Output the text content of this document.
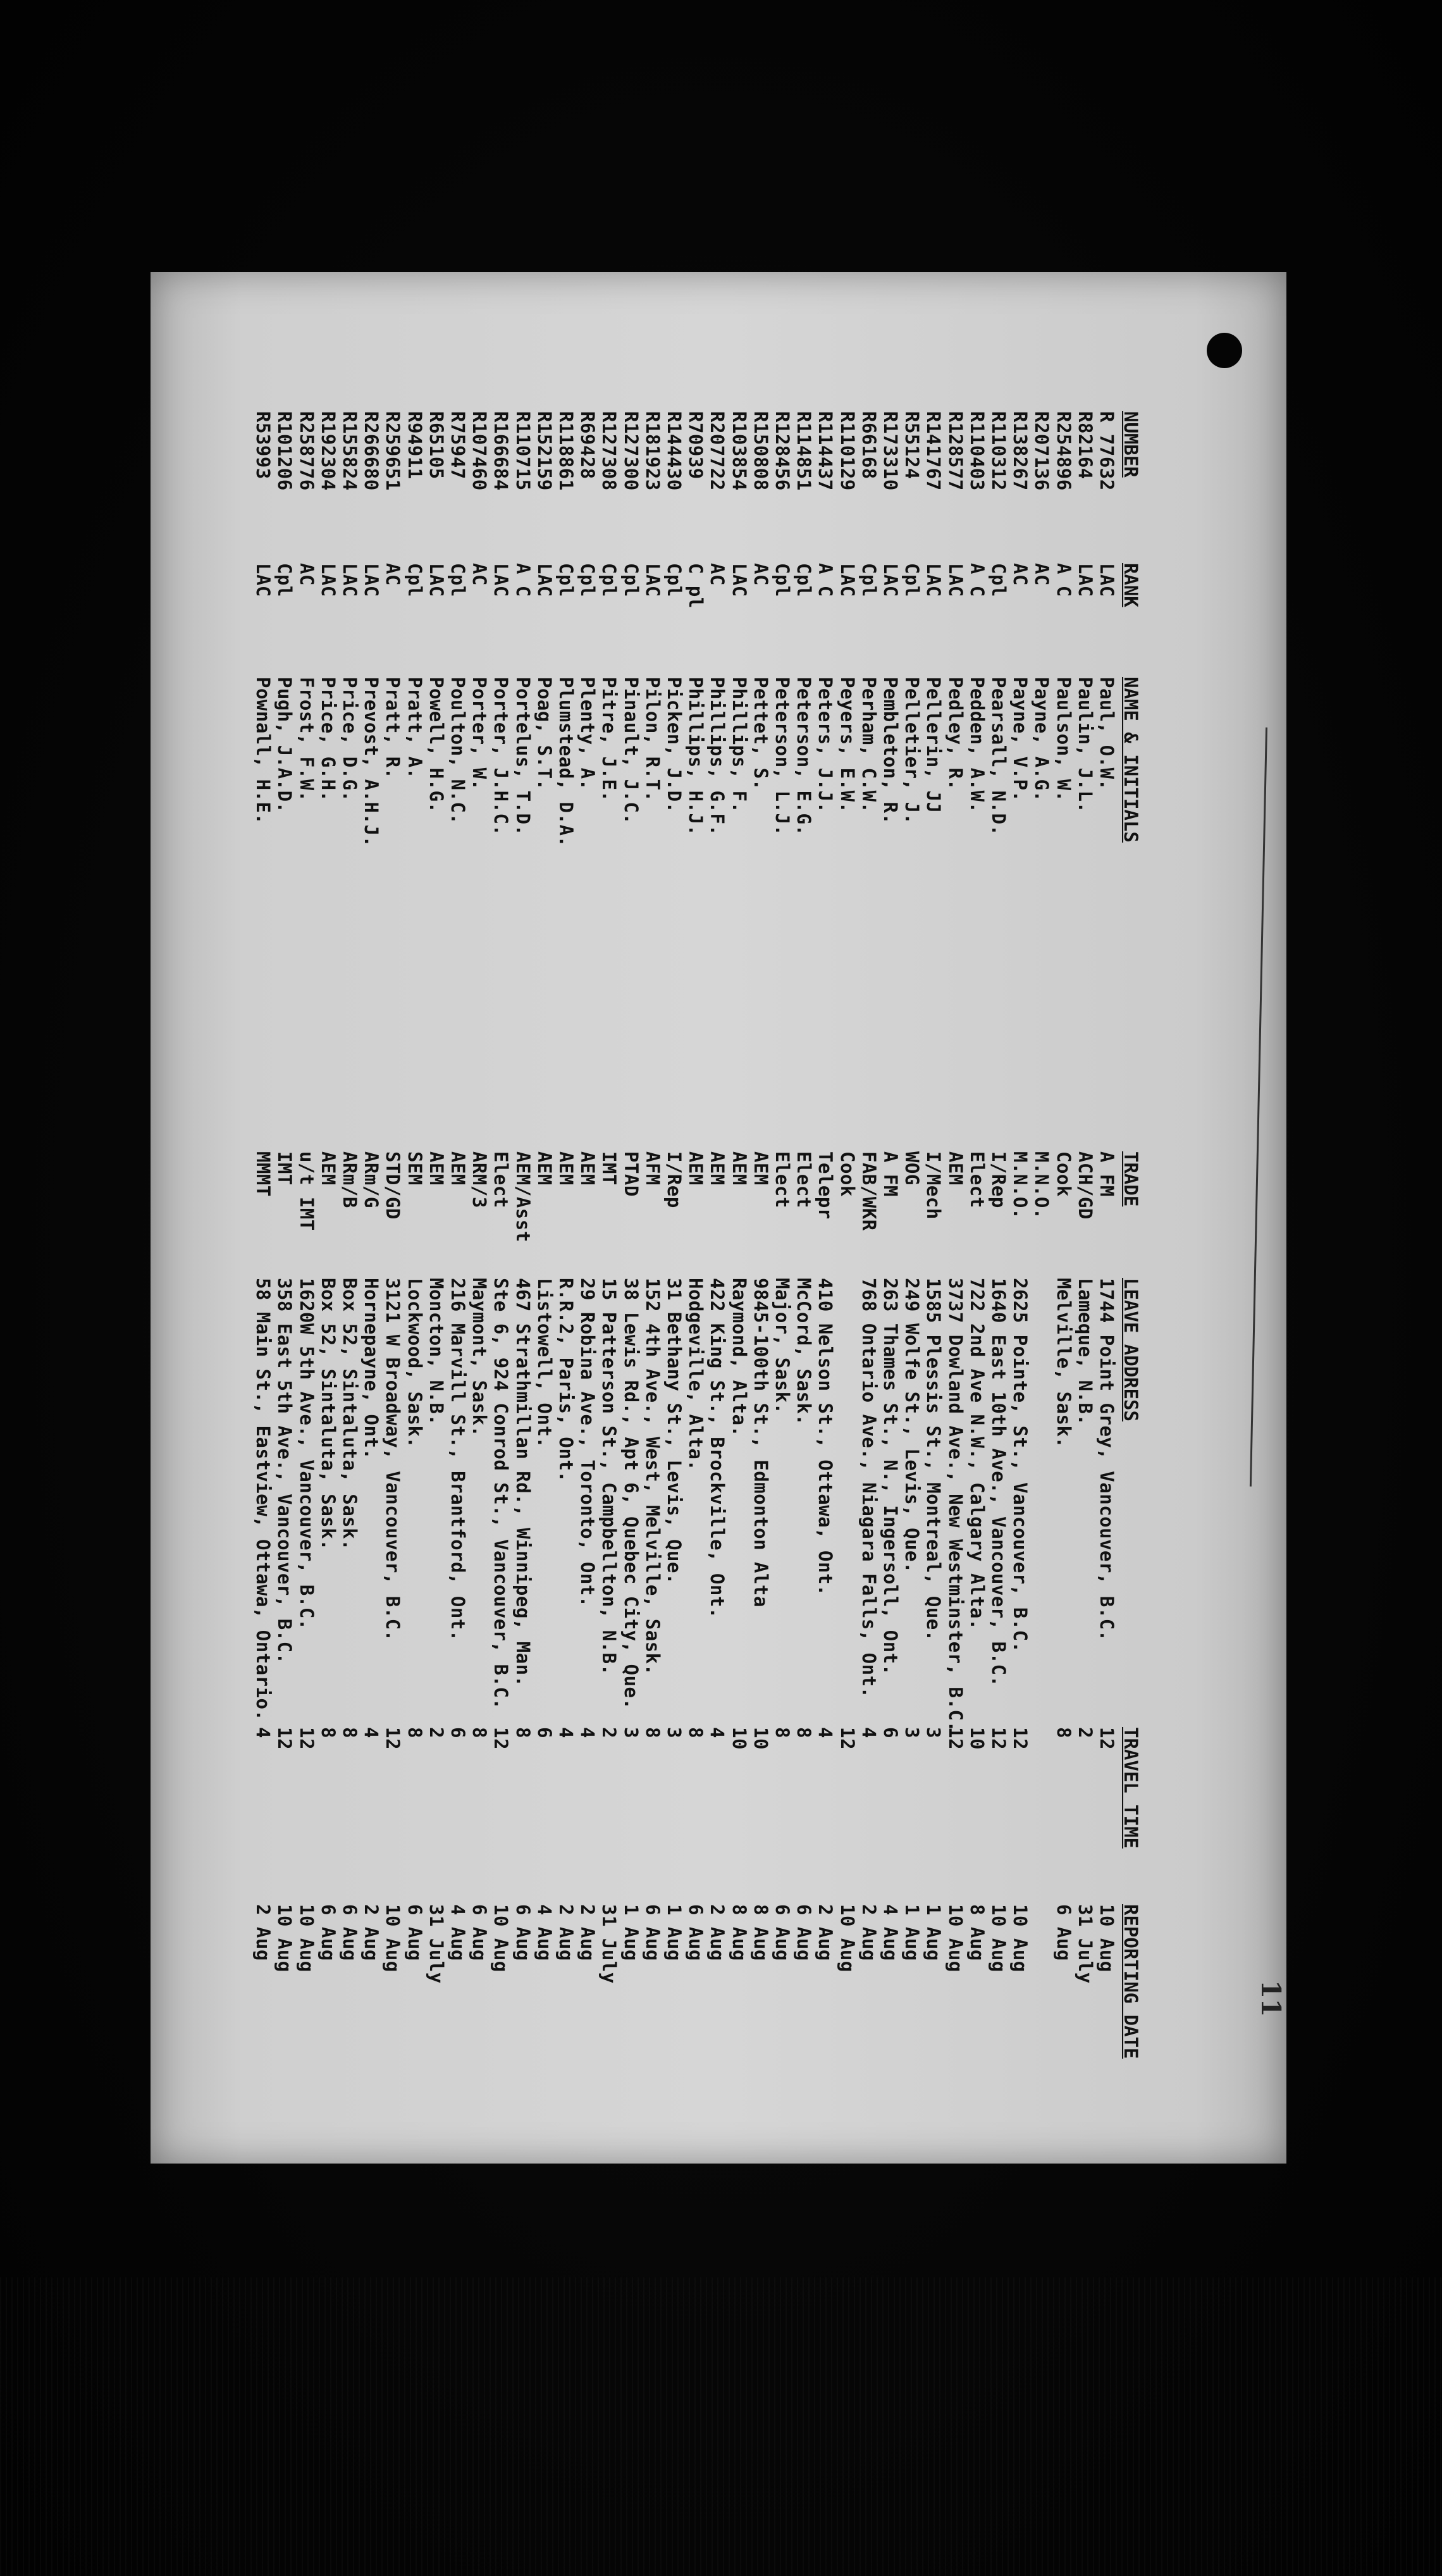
11
NUMBER
RANK
NAME & INITIALS
TRADE
LEAVE ADDRESS
TRAVEL TIME
REPORTING DATE
R 77632
LAC
Paul, O.W.
A FM
1744 Point Grey, Vancouver, B.C.
12
10 Aug
R82164
LAC
Paulin, J.L.
ACH/GD
Lameque, N.B.
2
31 July
R254896
A C
Paulson, W.
Cook
Melville, Sask.
8
6 Aug
R207136
AC
Payne, A.G.
M.N.O.
R138267
AC
Payne, V.P.
M.N.O.
2625 Pointe, St., Vancouver, B.C.
12
10 Aug
R110312
Cpl
Pearsall, N.D.
I/Rep
1640 East 10th Ave., Vancouver, B.C.
12
10 Aug
R110403
A C
Pedden, A.W.
Elect
722 2nd Ave N.W., Calgary Alta.
10
8 Aug
R128577
LAC
Pedley, R.
AEM
3737 Dowland Ave., New Westminster, B.C.
12
10 Aug
R141767
LAC
Pellerin, JJ
I/Mech
1585 Plessis St., Montreal, Que.
3
1 Aug
R55124
Cpl
Pelletier, J.
WOG
249 Wolfe St., Levis, Que.
3
1 Aug
R173310
LAC
Pembleton, R.
A FM
263 Thames St., N., Ingersoll, Ont.
6
4 Aug
R66168
Cpl
Perham, C.W.
FAB/WKR
768 Ontario Ave., Niagara Falls, Ont.
4
2 Aug
R110129
LAC
Peyers, E.W.
Cook
12
10 Aug
R114437
A C
Peters, J.J.
Telepr
410 Nelson St., Ottawa, Ont.
4
2 Aug
R114851
Cpl
Peterson, E.G.
Elect
McCord, Sask.
8
6 Aug
R128456
Cpl
Peterson, L.J.
Elect
Major, Sask.
8
6 Aug
R150808
AC
Pettet, S.
AEM
9845-100th St., Edmonton Alta
10
8 Aug
R103854
LAC
Phillips, F.
AEM
Raymond, Alta.
10
8 Aug
R207722
AC
Phillips, G.F.
AEM
422 King St., Brockville, Ont.
4
2 Aug
R70939
C pl
Phillips, H.J.
AEM
Hodgeville, Alta.
8
6 Aug
R144430
Cpl
Picken, J.D.
I/Rep
31 Bethany St., Levis, Que.
3
1 Aug
R181923
LAC
Pilon, R.T.
AFM
152 4th Ave., West, Melville, Sask.
8
6 Aug
R127300
Cpl
Pinault, J.C.
PTAD
38 Lewis Rd., Apt 6, Quebec City, Que.
3
1 Aug
R127308
Cpl
Pitre, J.E.
IMT
15 Patterson St., Campbellton, N.B.
2
31 July
R69428
Cpl
Plenty, A.
AEM
29 Robina Ave., Toronto, Ont.
4
2 Aug
R118861
Cpl
Plumstead, D.A.
AEM
R.R.2, Paris, Ont.
4
2 Aug
R152159
LAC
Poag, S.T.
AEM
Listowell, Ont.
6
4 Aug
R110715
A C
Portelus, T.D.
AEM/Asst
467 Strathmillan Rd., Winnipeg, Man.
8
6 Aug
R166684
LAC
Porter, J.H.C.
Elect
Ste 6, 924 Conrod St., Vancouver, B.C.
12
10 Aug
R107460
AC
Porter, W.
ARM/3
Maymont, Sask.
8
6 Aug
R75947
Cpl
Poulton, N.C.
AEM
216 Marvill St., Brantford, Ont.
6
4 Aug
R65105
LAC
Powell, H.G.
AEM
Moncton, N.B.
2
31 July
R94911
Cpl
Pratt, A.
SEM
Lockwood, Sask.
8
6 Aug
R259651
AC
Pratt, R.
STD/GD
3121 W Broadway, Vancouver, B.C.
12
10 Aug
R266680
LAC
Prevost, A.H.J.
ARm/G
Hornepayne, Ont.
4
2 Aug
R155824
LAC
Price, D.G.
ARm/B
Box 52, Sintaluta, Sask.
8
6 Aug
R192304
LAC
Price, G.H.
AEM
Box 52, Sintaluta, Sask.
8
6 Aug
R258776
AC
Frost, F.W.
u/t IMT
1620W 5th Ave., Vancouver, B.C.
12
10 Aug
R101206
Cpl
Pugh, J.A.D.
IMT
358 East 5th Ave., Vancouver, B.C.
12
10 Aug
R53993
LAC
Pownall, H.E.
MMMT
58 Main St., Eastview, Ottawa, Ontario.
4
2 Aug
